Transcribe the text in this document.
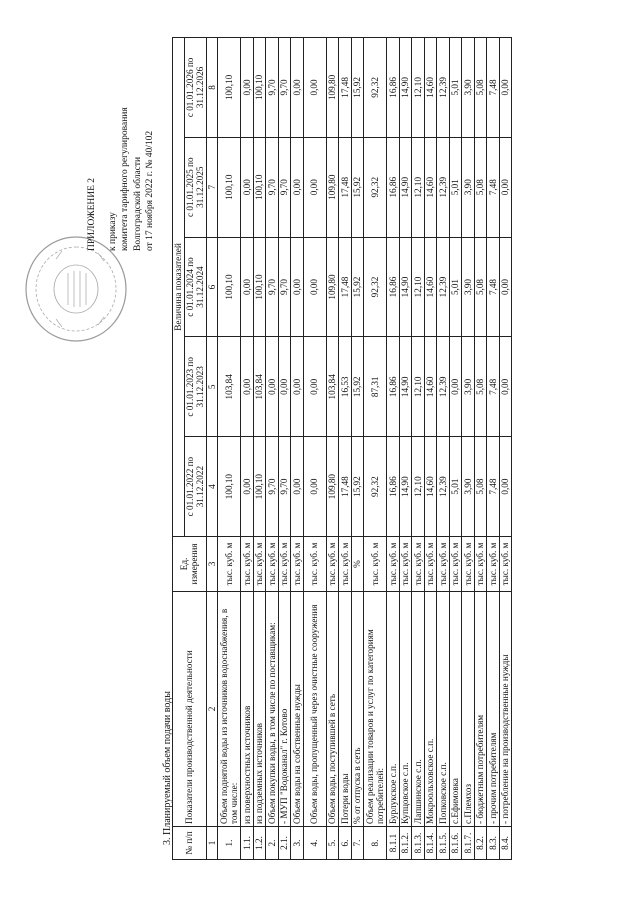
ПРИЛОЖЕНИЕ 2 к приказу комитета тарифного регулирования Волгоградской области от 17 ноября 2022 г. № 40/102
3. Планируемый объем подачи воды № п/п	Показатели производственной деятельности	Ед. измерения	Величина показателей				
			с 01.01.2022 по 31.12.2022	с 01.01.2023 по 31.12.2023	с 01.01.2024 по 31.12.2024	с 01.01.2025 по 31.12.2025	с 01.01.2026 по 31.12.2026
1	2	3	4	5	6	7	8
1.	Объем поднятой воды из источников водоснабжения, в том числе:	тыс. куб. м	100,10	103,84	100,10	100,10	100,10
1.1.	из поверхностных источников	тыс. куб. м	0,00	0,00	0,00	0,00	0,00
1.2.	из подземных источников	тыс. куб. м	100,10	103,84	100,10	100,10	100,10
2.	Объем покупки воды, в том числе по поставщикам:	тыс. куб. м	9,70	0,00	9,70	9,70	9,70
2.1.	- МУП "Водоканал" г. Котово	тыс. куб. м	9,70	0,00	9,70	9,70	9,70
3.	Объем воды на собственные нужды	тыс. куб. м	0,00	0,00	0,00	0,00	0,00
4.	Объем воды, пропущенный через очистные сооружения	тыс. куб. м	0,00	0,00	0,00	0,00	0,00
5.	Объем воды, поступившей в сеть	тыс. куб. м	109,80	103,84	109,80	109,80	109,80
6.	Потери воды	тыс. куб. м	17,48	16,53	17,48	17,48	17,48
7.	% от отпуска в сеть	%	15,92	15,92	15,92	15,92	15,92
8.	Объем реализации товаров и услуг по категориям потребителей:	тыс. куб. м	92,32	87,31	92,32	92,32	92,32
8.1.1	Бурлукское с.п.	тыс. куб. м	16,86	16,86	16,86	16,86	16,86
8.1.2.	Купцовское с.п.	тыс. куб. м	14,90	14,90	14,90	14,90	14,90
8.1.3.	Лапшинское с.п.	тыс. куб. м	12,10	12,10	12,10	12,10	12,10
8.1.4.	Мокроольховское с.п.	тыс. куб. м	14,60	14,60	14,60	14,60	14,60
8.1.5.	Попковское с.п.	тыс. куб. м	12,39	12,39	12,39	12,39	12,39
8.1.6.	с.Ефимовка	тыс. куб. м	5,01	0,00	5,01	5,01	5,01
8.1.7.	с.Племхоз	тыс. куб. м	3,90	3,90	3,90	3,90	3,90
8.2.	- бюджетным потребителям	тыс. куб. м	5,08	5,08	5,08	5,08	5,08
8.3.	- прочим потребителям	тыс. куб. м	7,48	7,48	7,48	7,48	7,48
8.4.	- потребление на производственные нужды	тыс. куб. м	0,00	0,00	0,00	0,00	0,00
